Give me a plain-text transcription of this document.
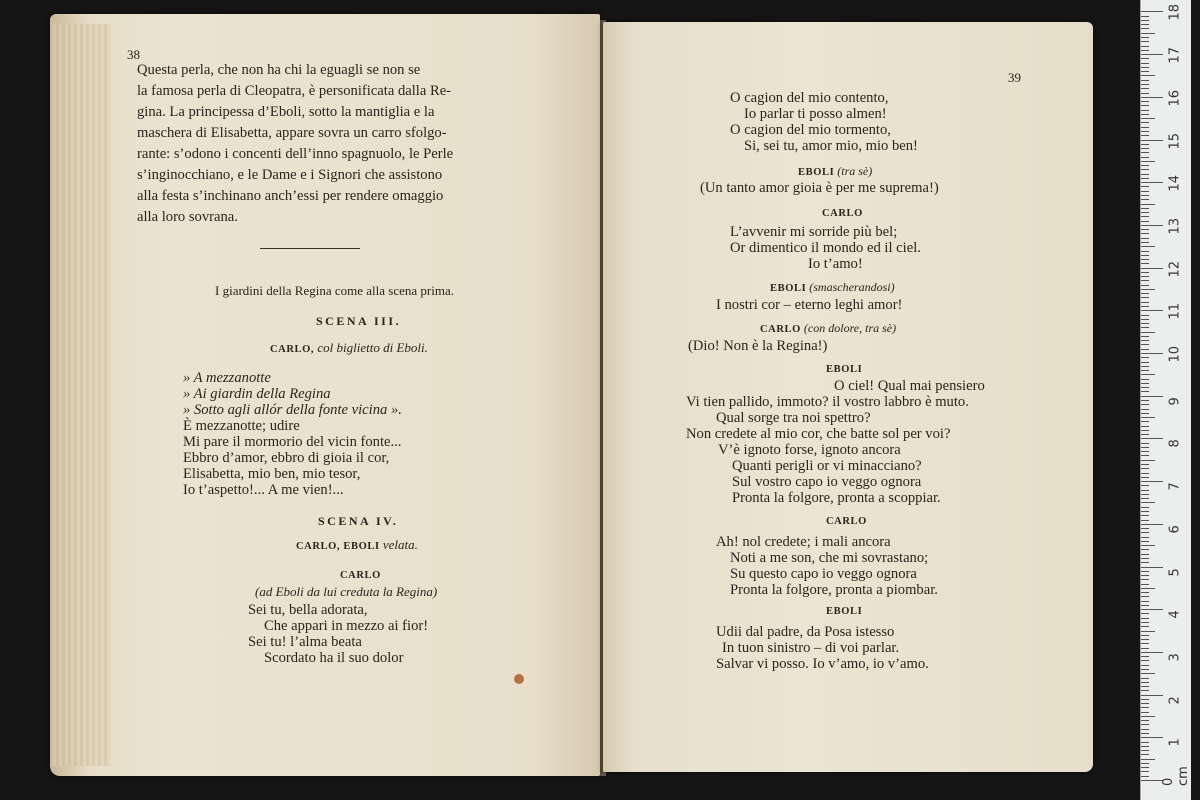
38
Questa perla, che non ha chi la eguagli se non se
la famosa perla di Cleopatra, è personificata dalla Re-
gina. La principessa d’Eboli, sotto la mantiglia e la
maschera di Elisabetta, appare sovra un carro sfolgo-
rante: s’odono i concenti dell’inno spagnuolo, le Perle
s’inginocchiano, e le Dame e i Signori che assistono
alla festa s’inchinano anch’essi per rendere omaggio
alla loro sovrana.
I giardini della Regina come alla scena prima.
SCENA III.
CARLO, col biglietto di Eboli.
» A mezzanotte
» Ai giardin della Regina
» Sotto agli allór della fonte vicina ».
È mezzanotte; udire
Mi pare il mormorio del vicin fonte...
Ebbro d’amor, ebbro di gioia il cor,
Elisabetta, mio ben, mio tesor,
Io t’aspetto!... A me vien!...
SCENA IV.
CARLO, EBOLI velata.
CARLO
(ad Eboli da lui creduta la Regina)
Sei tu, bella adorata,
Che appari in mezzo ai fior!
Sei tu! l’alma beata
Scordato ha il suo dolor
39
O cagion del mio contento,
Io parlar ti posso almen!
O cagion del mio tormento,
Si, sei tu, amor mio, mio ben!
EBOLI (tra sè)
(Un tanto amor gioia è per me suprema!)
CARLO
L’avvenir mi sorride più bel;
Or dimentico il mondo ed il ciel.
Io t’amo!
EBOLI (smascherandosi)
I nostri cor – eterno leghi amor!
CARLO (con dolore, tra sè)
(Dio! Non è la Regina!)
EBOLI
O ciel! Qual mai pensiero
Vi tien pallido, immoto? il vostro labbro è muto.
Qual sorge tra noi spettro?
Non credete al mio cor, che batte sol per voi?
V’è ignoto forse, ignoto ancora
Quanti perigli or vi minacciano?
Sul vostro capo io veggo ognora
Pronta la folgore, pronta a scoppiar.
CARLO
Ah! nol credete; i mali ancora
Noti a me son, che mi sovrastano;
Su questo capo io veggo ognora
Pronta la folgore, pronta a piombar.
EBOLI
Udii dal padre, da Posa istesso
In tuon sinistro – di voi parlar.
Salvar vi posso. Io v’amo, io v’amo.
1
2
3
4
5
6
7
8
9
10
11
12
13
14
15
16
17
18
0 cm
